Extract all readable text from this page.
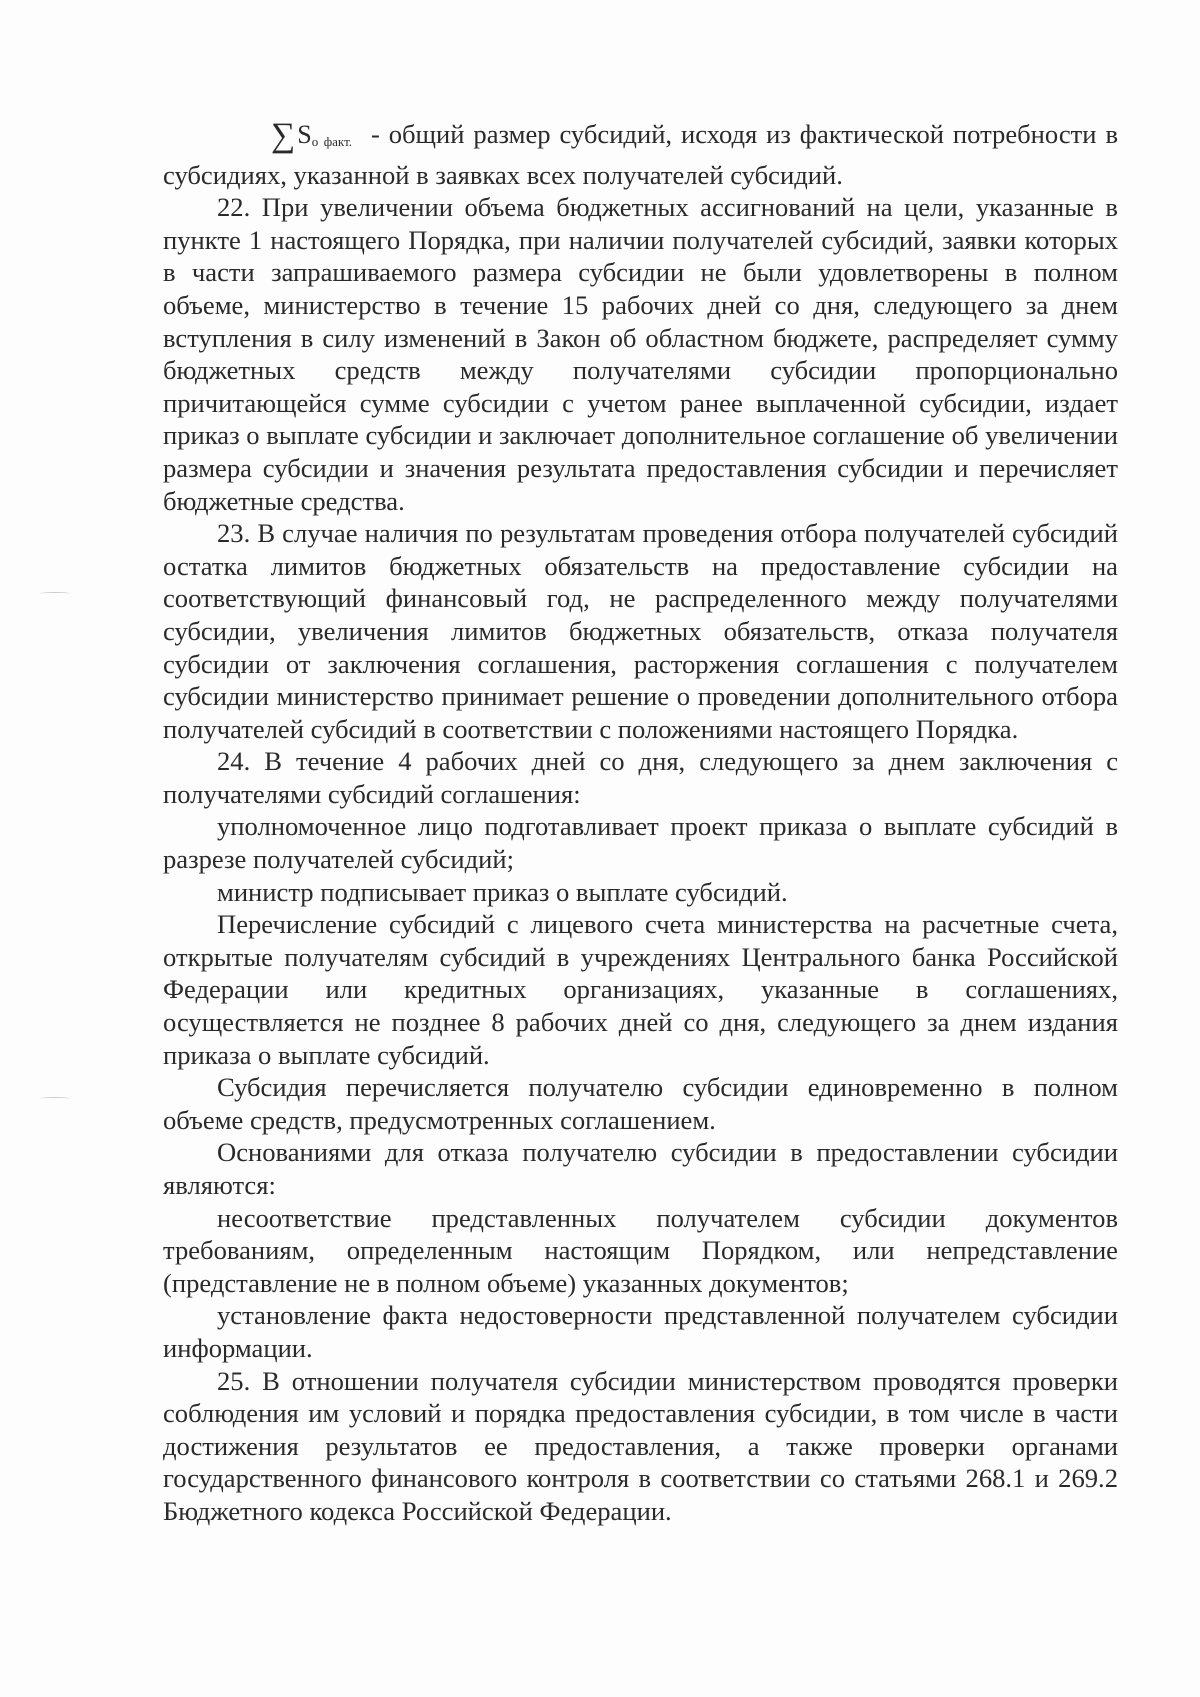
$\sum S_{о факт.}$ - общий размер субсидий, исходя из фактической потребности в субсидиях, указанной в заявках всех получателей субсидий.

22. При увеличении объема бюджетных ассигнований на цели, указанные в пункте 1 настоящего Порядка, при наличии получателей субсидий, заявки которых в части запрашиваемого размера субсидии не были удовлетворены в полном объеме, министерство в течение 15 рабочих дней со дня, следующего за днем вступления в силу изменений в Закон об областном бюджете, распределяет сумму бюджетных средств между получателями субсидии пропорционально причитающейся сумме субсидии с учетом ранее выплаченной субсидии, издает приказ о выплате субсидии и заключает дополнительное соглашение об увеличении размера субсидии и значения результата предоставления субсидии и перечисляет бюджетные средства.

23. В случае наличия по результатам проведения отбора получателей субсидий остатка лимитов бюджетных обязательств на предоставление субсидии на соответствующий финансовый год, не распределенного между получателями субсидии, увеличения лимитов бюджетных обязательств, отказа получателя субсидии от заключения соглашения, расторжения соглашения с получателем субсидии министерство принимает решение о проведении дополнительного отбора получателей субсидий в соответствии с положениями настоящего Порядка.

24. В течение 4 рабочих дней со дня, следующего за днем заключения с получателями субсидий соглашения:

уполномоченное лицо подготавливает проект приказа о выплате субсидий в разрезе получателей субсидий;

министр подписывает приказ о выплате субсидий.

Перечисление субсидий с лицевого счета министерства на расчетные счета, открытые получателям субсидий в учреждениях Центрального банка Российской Федерации или кредитных организациях, указанные в соглашениях, осуществляется не позднее 8 рабочих дней со дня, следующего за днем издания приказа о выплате субсидий.

Субсидия перечисляется получателю субсидии единовременно в полном объеме средств, предусмотренных соглашением.

Основаниями для отказа получателю субсидии в предоставлении субсидии являются:

несоответствие представленных получателем субсидии документов требованиям, определенным настоящим Порядком, или непредставление (представление не в полном объеме) указанных документов;

установление факта недостоверности представленной получателем субсидии информации.

25. В отношении получателя субсидии министерством проводятся проверки соблюдения им условий и порядка предоставления субсидии, в том числе в части достижения результатов ее предоставления, а также проверки органами государственного финансового контроля в соответствии со статьями 268.1 и 269.2 Бюджетного кодекса Российской Федерации.
